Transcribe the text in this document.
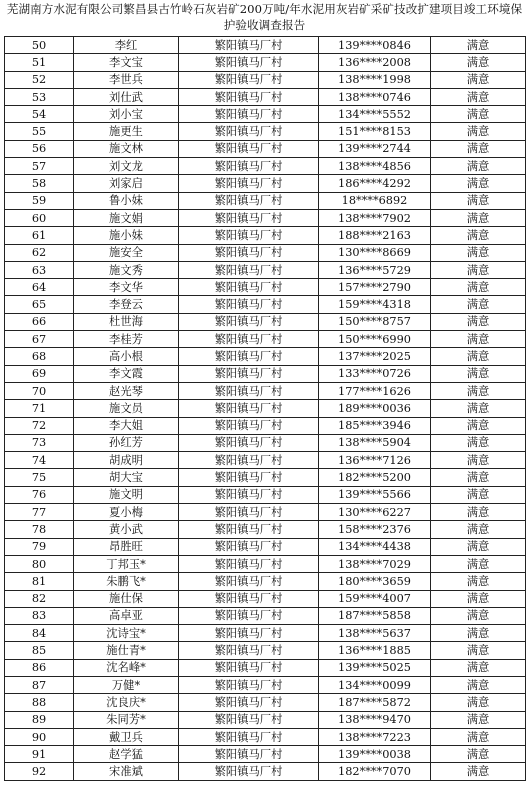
芜湖南方水泥有限公司繁昌县古竹岭石灰岩矿200万吨/年水泥用灰岩矿采矿技改扩建项目竣工环境保护验收调查报告
50	李红	繁阳镇马厂村	139****0846	满意
51	李文宝	繁阳镇马厂村	136****2008	满意
52	李世兵	繁阳镇马厂村	138****1998	满意
53	刘仕武	繁阳镇马厂村	138****0746	满意
54	刘小宝	繁阳镇马厂村	134****5552	满意
55	施更生	繁阳镇马厂村	151****8153	满意
56	施文林	繁阳镇马厂村	139****2744	满意
57	刘文龙	繁阳镇马厂村	138****4856	满意
58	刘家启	繁阳镇马厂村	186****4292	满意
59	鲁小妹	繁阳镇马厂村	18****6892	满意
60	施文娟	繁阳镇马厂村	138****7902	满意
61	施小妹	繁阳镇马厂村	188****2163	满意
62	施安全	繁阳镇马厂村	130****8669	满意
63	施文秀	繁阳镇马厂村	136****5729	满意
64	李文华	繁阳镇马厂村	157****2790	满意
65	李登云	繁阳镇马厂村	159****4318	满意
66	杜世海	繁阳镇马厂村	150****8757	满意
67	李桂芳	繁阳镇马厂村	150****6990	满意
68	高小根	繁阳镇马厂村	137****2025	满意
69	李文霞	繁阳镇马厂村	133****0726	满意
70	赵光琴	繁阳镇马厂村	177****1626	满意
71	施文员	繁阳镇马厂村	189****0036	满意
72	李大姐	繁阳镇马厂村	185****3946	满意
73	孙红芳	繁阳镇马厂村	138****5904	满意
74	胡成明	繁阳镇马厂村	136****7126	满意
75	胡大宝	繁阳镇马厂村	182****5200	满意
76	施文明	繁阳镇马厂村	139****5566	满意
77	夏小梅	繁阳镇马厂村	130****6227	满意
78	黄小武	繁阳镇马厂村	158****2376	满意
79	昂胜旺	繁阳镇马厂村	134****4438	满意
80	丁邦玉*	繁阳镇马厂村	138****7029	满意
81	朱鹏飞*	繁阳镇马厂村	180****3659	满意
82	施仕保	繁阳镇马厂村	159****4007	满意
83	高卓亚	繁阳镇马厂村	187****5858	满意
84	沈诗宝*	繁阳镇马厂村	138****5637	满意
85	施仕青*	繁阳镇马厂村	136****1885	满意
86	沈名峰*	繁阳镇马厂村	139****5025	满意
87	万健*	繁阳镇马厂村	134****0099	满意
88	沈良庆*	繁阳镇马厂村	187****5872	满意
89	朱同芳*	繁阳镇马厂村	138****9470	满意
90	戴卫兵	繁阳镇马厂村	138****7223	满意
91	赵学猛	繁阳镇马厂村	139****0038	满意
92	宋准斌	繁阳镇马厂村	182****7070	满意
